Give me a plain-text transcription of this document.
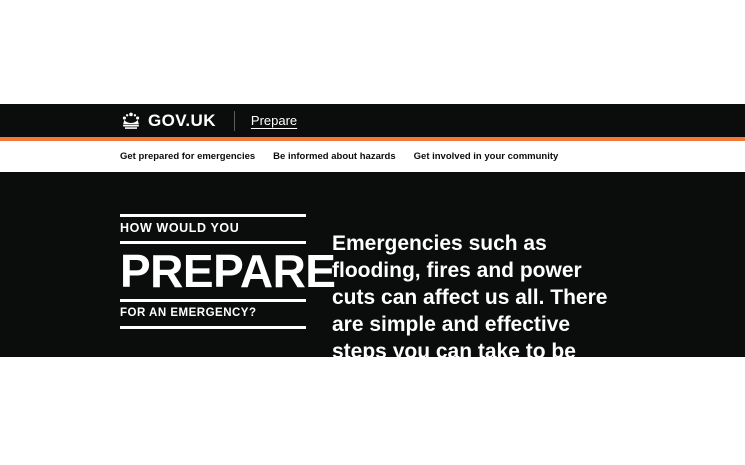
GOV.UK	Prepare
Get prepared for emergencies Be informed about hazards Get involved in your community
HOW WOULD YOU
PREPARE
FOR AN EMERGENCY?

Emergencies such as flooding, fires and power cuts can affect us all. There are simple and effective steps you can take to be more prepared.
